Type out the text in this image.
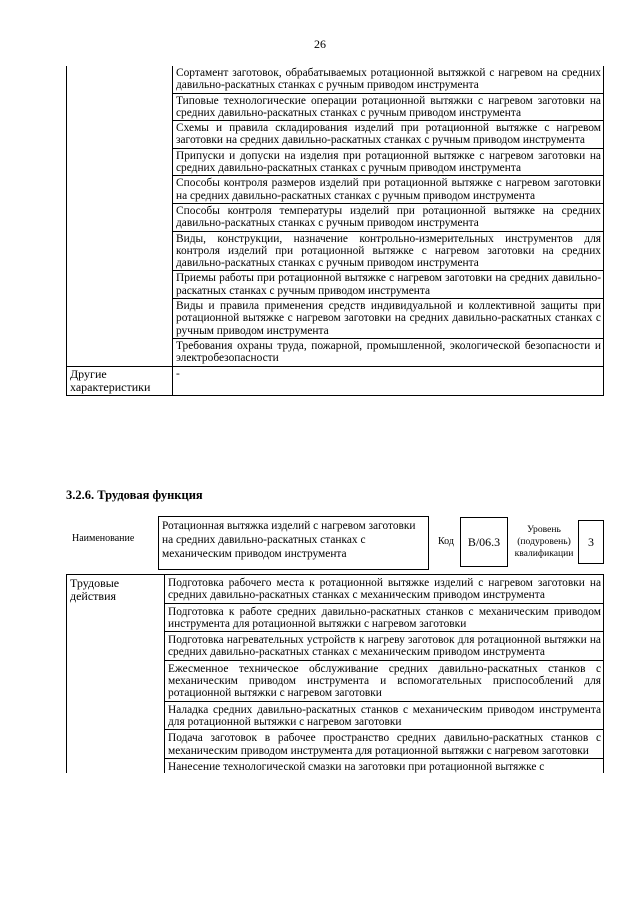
26
	Сортамент заготовок, обрабатываемых ротационной вытяжкой с нагревом на средних давильно-раскатных станках с ручным приводом инструмента
	Типовые технологические операции ротационной вытяжки с нагревом заготовки на средних давильно-раскатных станках с ручным приводом инструмента
	Схемы и правила складирования изделий при ротационной вытяжке с нагревом заготовки на средних давильно-раскатных станках с ручным приводом инструмента
	Припуски и допуски на изделия при ротационной вытяжке с нагревом заготовки на средних давильно-раскатных станках с ручным приводом инструмента
	Способы контроля размеров изделий при ротационной вытяжке с нагревом заготовки на средних давильно-раскатных станках с ручным приводом инструмента
	Способы контроля температуры изделий при ротационной вытяжке на средних давильно-раскатных станках с ручным приводом инструмента
	Виды, конструкции, назначение контрольно-измерительных инструментов для контроля изделий при ротационной вытяжке с нагревом заготовки на средних давильно-раскатных станках с ручным приводом инструмента
	Приемы работы при ротационной вытяжке с нагревом заготовки на средних давильно-раскатных станках с ручным приводом инструмента
	Виды и правила применения средств индивидуальной и коллективной защиты при ротационной вытяжке с нагревом заготовки на средних давильно-раскатных станках с ручным приводом инструмента
	Требования охраны труда, пожарной, промышленной, экологической безопасности и электробезопасности
Другие характеристики	-
3.2.6. Трудовая функция
Наименование
Ротационная вытяжка изделий с нагревом заготовки на средних давильно-раскатных станках с механическим приводом инструмента
Код	B/06.3
Уровень (подуровень) квалификации
3
Трудовые действия	Подготовка рабочего места к ротационной вытяжке изделий с нагревом заготовки на средних давильно-раскатных станках с механическим приводом инструмента
Подготовка к работе средних давильно-раскатных станков с механическим приводом инструмента для ротационной вытяжки с нагревом заготовки
Подготовка нагревательных устройств к нагреву заготовок для ротационной вытяжки на средних давильно-раскатных станках с механическим приводом инструмента
Ежесменное техническое обслуживание средних давильно-раскатных станков с механическим приводом инструмента и вспомогательных приспособлений для ротационной вытяжки с нагревом заготовки
Наладка средних давильно-раскатных станков с механическим приводом инструмента для ротационной вытяжки с нагревом заготовки
Подача заготовок в рабочее пространство средних давильно-раскатных станков с механическим приводом инструмента для ротационной вытяжки с нагревом заготовки
Нанесение технологической смазки на заготовки при ротационной вытяжке с
